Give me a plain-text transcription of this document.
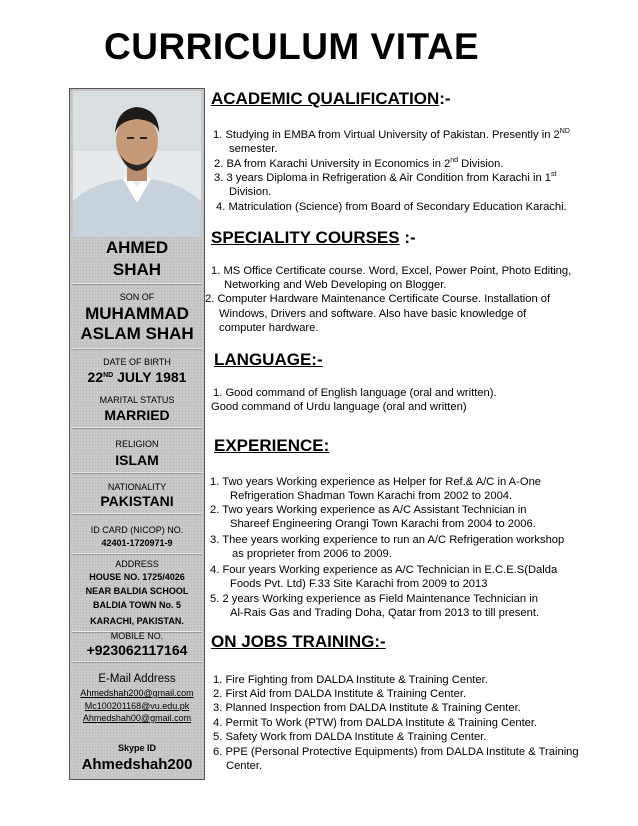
CURRICULUM VITAE
AHMED
SHAH
SON OF
MUHAMMAD
ASLAM SHAH
DATE OF BIRTH
22ND JULY 1981
MARITAL STATUS
MARRIED
RELIGION
ISLAM
NATIONALITY
PAKISTANI
ID CARD (NICOP) NO.
42401-1720971-9
ADDRESS
HOUSE NO. 1725/4026
NEAR BALDIA SCHOOL
BALDIA TOWN No. 5
KARACHI, PAKISTAN.
MOBILE NO.
+923062117164
E-Mail Address
Ahmedshah200@gmail.com
Mc100201168@vu.edu.pk
Ahmedshah00@gmail.com
Skype ID
Ahmedshah200
ACADEMIC QUALIFICATION:-
1. Studying in EMBA from Virtual University of Pakistan. Presently in 2ND
semester.
2. BA from Karachi University in Economics in 2nd Division.
3. 3 years Diploma in Refrigeration & Air Condition from Karachi in 1st
Division.
4. Matriculation (Science) from Board of Secondary Education Karachi.
SPECIALITY COURSES :-
1. MS Office Certificate course. Word, Excel, Power Point, Photo Editing,
Networking and Web Developing on Blogger.
2. Computer Hardware Maintenance Certificate Course. Installation of
Windows, Drivers and software. Also have basic knowledge of
computer hardware.
LANGUAGE:-
1. Good command of English language (oral and written).
Good command of Urdu language (oral and written)
EXPERIENCE:
1. Two years Working experience as Helper for Ref.& A/C in A-One
Refrigeration Shadman Town Karachi from 2002 to 2004.
2. Two years Working experience as A/C Assistant Technician in
Shareef Engineering Orangi Town Karachi from 2004 to 2006.
3. Thee years working experience to run an A/C Refrigeration workshop
as proprieter from 2006 to 2009.
4. Four years Working experience as A/C Technician in E.C.E.S(Dalda
Foods Pvt. Ltd) F.33 Site Karachi from 2009 to 2013
5. 2 years Working experience as Field Maintenance Technician in
Al-Rais Gas and Trading Doha, Qatar from 2013 to till present.
ON JOBS TRAINING:-
1. Fire Fighting from DALDA Institute & Training Center.
2. First Aid from DALDA Institute & Training Center.
3. Planned Inspection from DALDA Institute & Training Center.
4. Permit To Work (PTW) from DALDA Institute & Training Center.
5. Safety Work from DALDA Institute & Training Center.
6. PPE (Personal Protective Equipments) from DALDA Institute & Training
Center.
